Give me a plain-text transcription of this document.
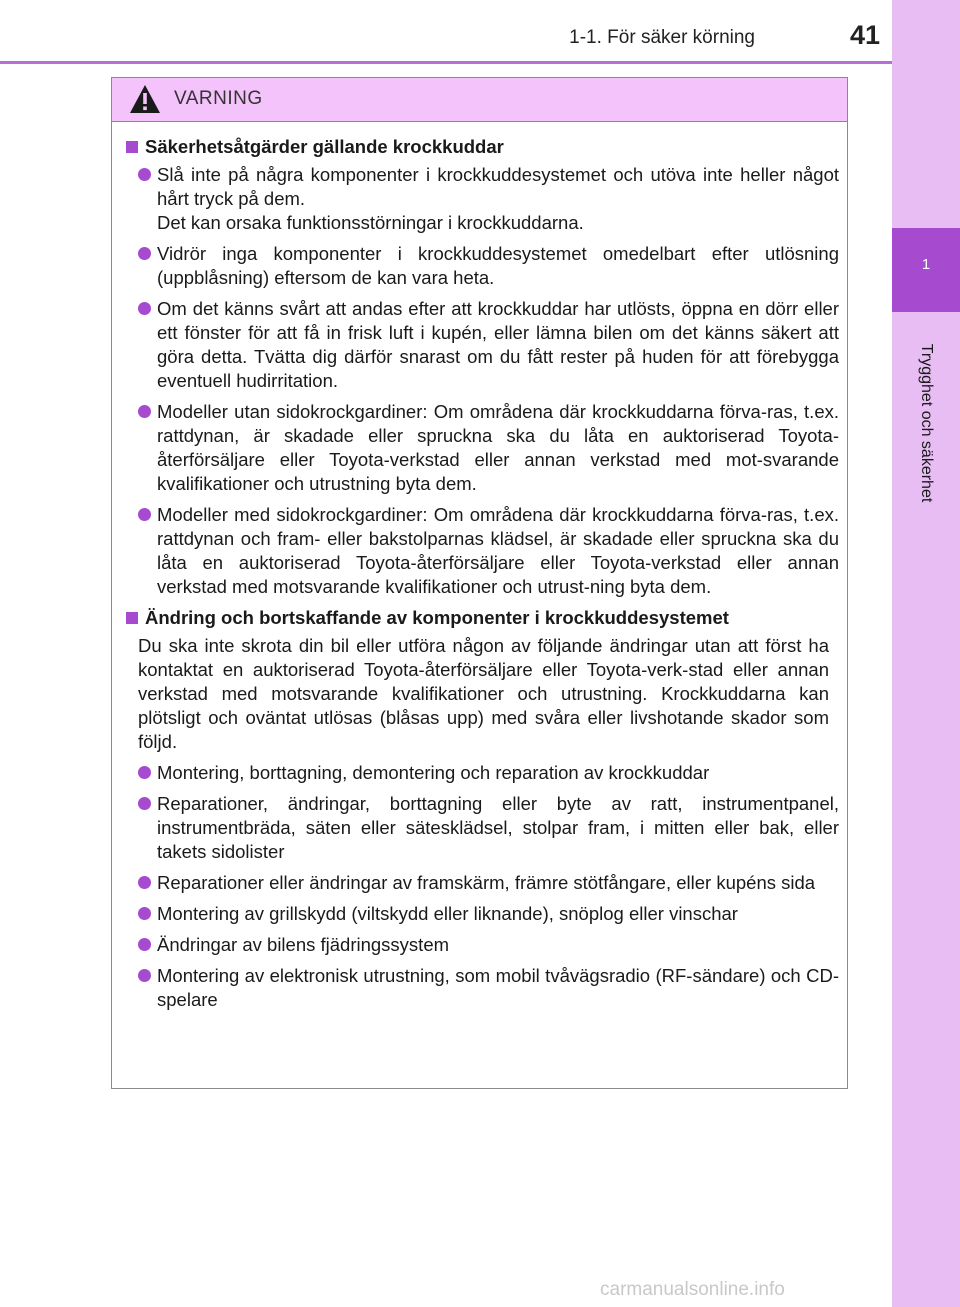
1-1. För säker körning	41
1
Trygghet och säkerhet
VARNING
Säkerhetsåtgärder gällande krockkuddar
Slå inte på några komponenter i krockkuddesystemet och utöva inte heller något hårt tryck på dem.
Det kan orsaka funktionsstörningar i krockkuddarna.
Vidrör inga komponenter i krockkuddesystemet omedelbart efter utlösning (uppblåsning) eftersom de kan vara heta.
Om det känns svårt att andas efter att krockkuddar har utlösts, öppna en dörr eller ett fönster för att få in frisk luft i kupén, eller lämna bilen om det känns säkert att göra detta. Tvätta dig därför snarast om du fått rester på huden för att förebygga eventuell hudirritation.
Modeller utan sidokrockgardiner: Om områdena där krockkuddarna förva-ras, t.ex. rattdynan, är skadade eller spruckna ska du låta en auktoriserad Toyota-återförsäljare eller Toyota-verkstad eller annan verkstad med mot-svarande kvalifikationer och utrustning byta dem.
Modeller med sidokrockgardiner: Om områdena där krockkuddarna förva-ras, t.ex. rattdynan och fram- eller bakstolparnas klädsel, är skadade eller spruckna ska du låta en auktoriserad Toyota-återförsäljare eller Toyota-verkstad eller annan verkstad med motsvarande kvalifikationer och utrust-ning byta dem.
Ändring och bortskaffande av komponenter i krockkuddesystemet
Du ska inte skrota din bil eller utföra någon av följande ändringar utan att först ha kontaktat en auktoriserad Toyota-återförsäljare eller Toyota-verk-stad eller annan verkstad med motsvarande kvalifikationer och utrustning. Krockkuddarna kan plötsligt och oväntat utlösas (blåsas upp) med svåra eller livshotande skador som följd.
Montering, borttagning, demontering och reparation av krockkuddar
Reparationer, ändringar, borttagning eller byte av ratt, instrumentpanel, instrumentbräda, säten eller sätesklädsel, stolpar fram, i mitten eller bak, eller takets sidolister
Reparationer eller ändringar av framskärm, främre stötfångare, eller kupéns sida
Montering av grillskydd (viltskydd eller liknande), snöplog eller vinschar
Ändringar av bilens fjädringssystem
Montering av elektronisk utrustning, som mobil tvåvägsradio (RF-sändare) och CD-spelare
carmanualsonline.info
